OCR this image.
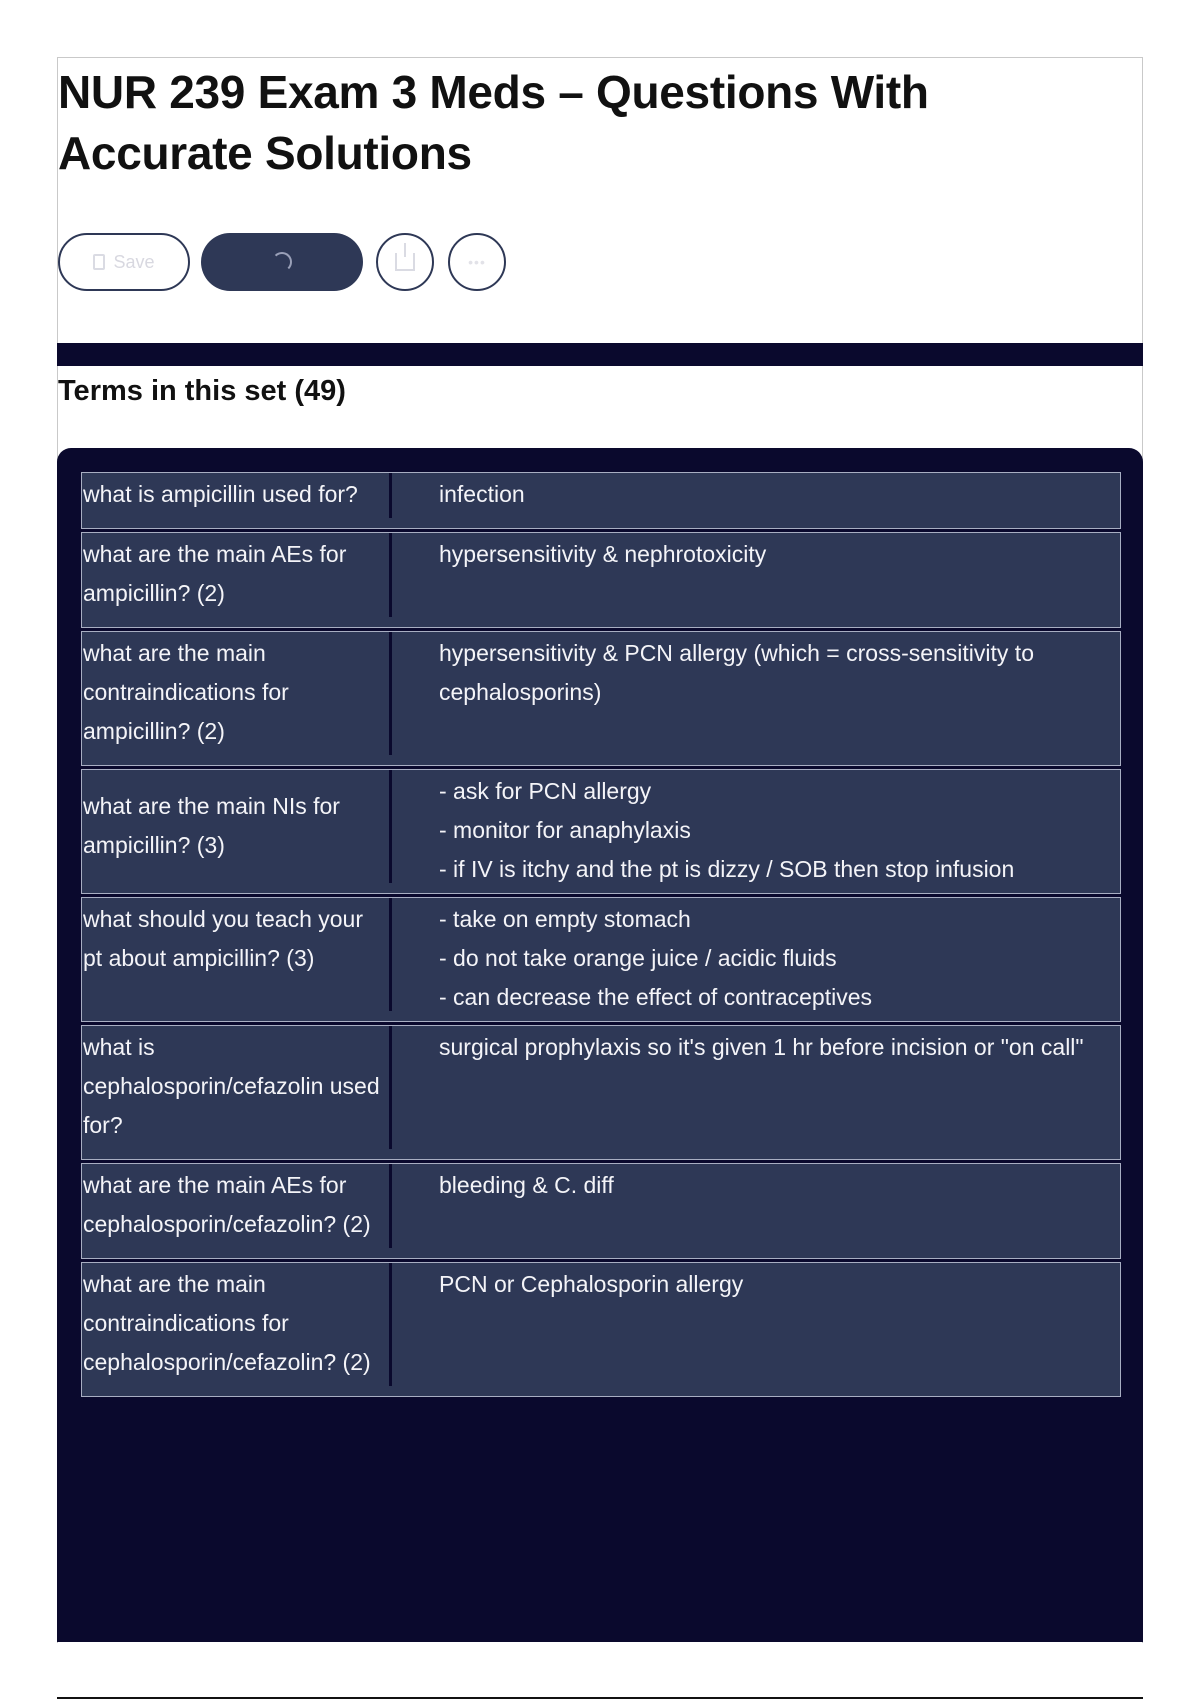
NUR 239 Exam 3 Meds – Questions With Accurate Solutions
Save	•••
Terms in this set (49)
what is ampicillin used for?	infection
what are the main AEs for ampicillin? (2)
hypersensitivity & nephrotoxicity
what are the main contraindications for ampicillin? (2)
hypersensitivity & PCN allergy (which = cross-sensitivity to cephalosporins)
what are the main NIs for ampicillin? (3)
- ask for PCN allergy
- monitor for anaphylaxis
- if IV is itchy and the pt is dizzy / SOB then stop infusion
what should you teach your pt about ampicillin? (3)
- take on empty stomach
- do not take orange juice / acidic fluids
- can decrease the effect of contraceptives
what is cephalosporin/cefazolin used for?
surgical prophylaxis so it's given 1 hr before incision or "on call"
what are the main AEs for cephalosporin/cefazolin? (2)
bleeding & C. diff
what are the main contraindications for cephalosporin/cefazolin? (2)
PCN or Cephalosporin allergy
